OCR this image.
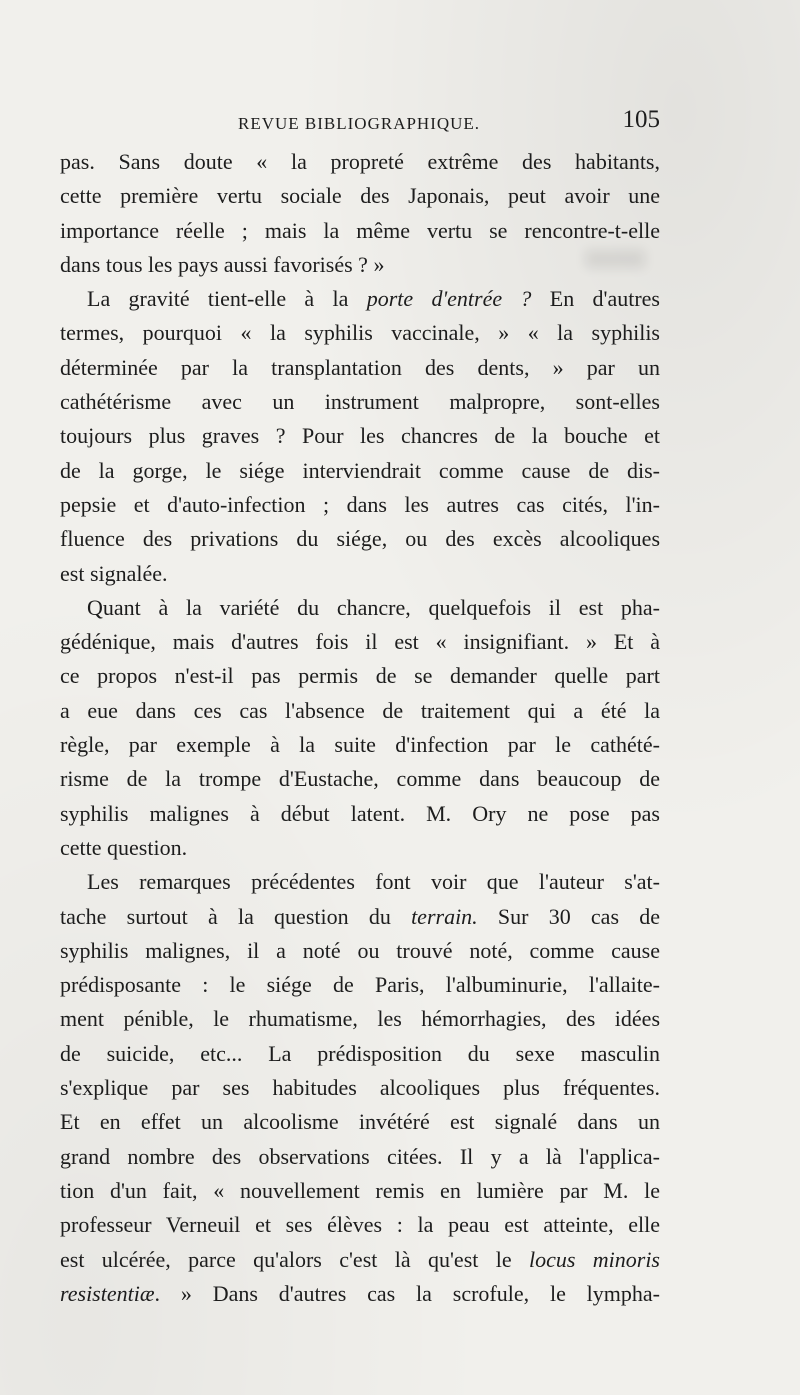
REVUE BIBLIOGRAPHIQUE.	105
pas. Sans doute « la propreté extrême des habitants,
cette première vertu sociale des Japonais, peut avoir une
importance réelle ; mais la même vertu se rencontre-t-elle
dans tous les pays aussi favorisés ? »
La gravité tient-elle à la porte d'entrée ? En d'autres
termes, pourquoi « la syphilis vaccinale, » « la syphilis
déterminée par la transplantation des dents, » par un
cathétérisme avec un instrument malpropre, sont-elles
toujours plus graves ? Pour les chancres de la bouche et
de la gorge, le siége interviendrait comme cause de dis-
pepsie et d'auto-infection ; dans les autres cas cités, l'in-
fluence des privations du siége, ou des excès alcooliques
est signalée.
Quant à la variété du chancre, quelquefois il est pha-
gédénique, mais d'autres fois il est « insignifiant. » Et à
ce propos n'est-il pas permis de se demander quelle part
a eue dans ces cas l'absence de traitement qui a été la
règle, par exemple à la suite d'infection par le cathété-
risme de la trompe d'Eustache, comme dans beaucoup de
syphilis malignes à début latent. M. Ory ne pose pas
cette question.
Les remarques précédentes font voir que l'auteur s'at-
tache surtout à la question du terrain. Sur 30 cas de
syphilis malignes, il a noté ou trouvé noté, comme cause
prédisposante : le siége de Paris, l'albuminurie, l'allaite-
ment pénible, le rhumatisme, les hémorrhagies, des idées
de suicide, etc... La prédisposition du sexe masculin
s'explique par ses habitudes alcooliques plus fréquentes.
Et en effet un alcoolisme invétéré est signalé dans un
grand nombre des observations citées. Il y a là l'applica-
tion d'un fait, « nouvellement remis en lumière par M. le
professeur Verneuil et ses élèves : la peau est atteinte, elle
est ulcérée, parce qu'alors c'est là qu'est le locus minoris
resistentiæ. » Dans d'autres cas la scrofule, le lympha-
